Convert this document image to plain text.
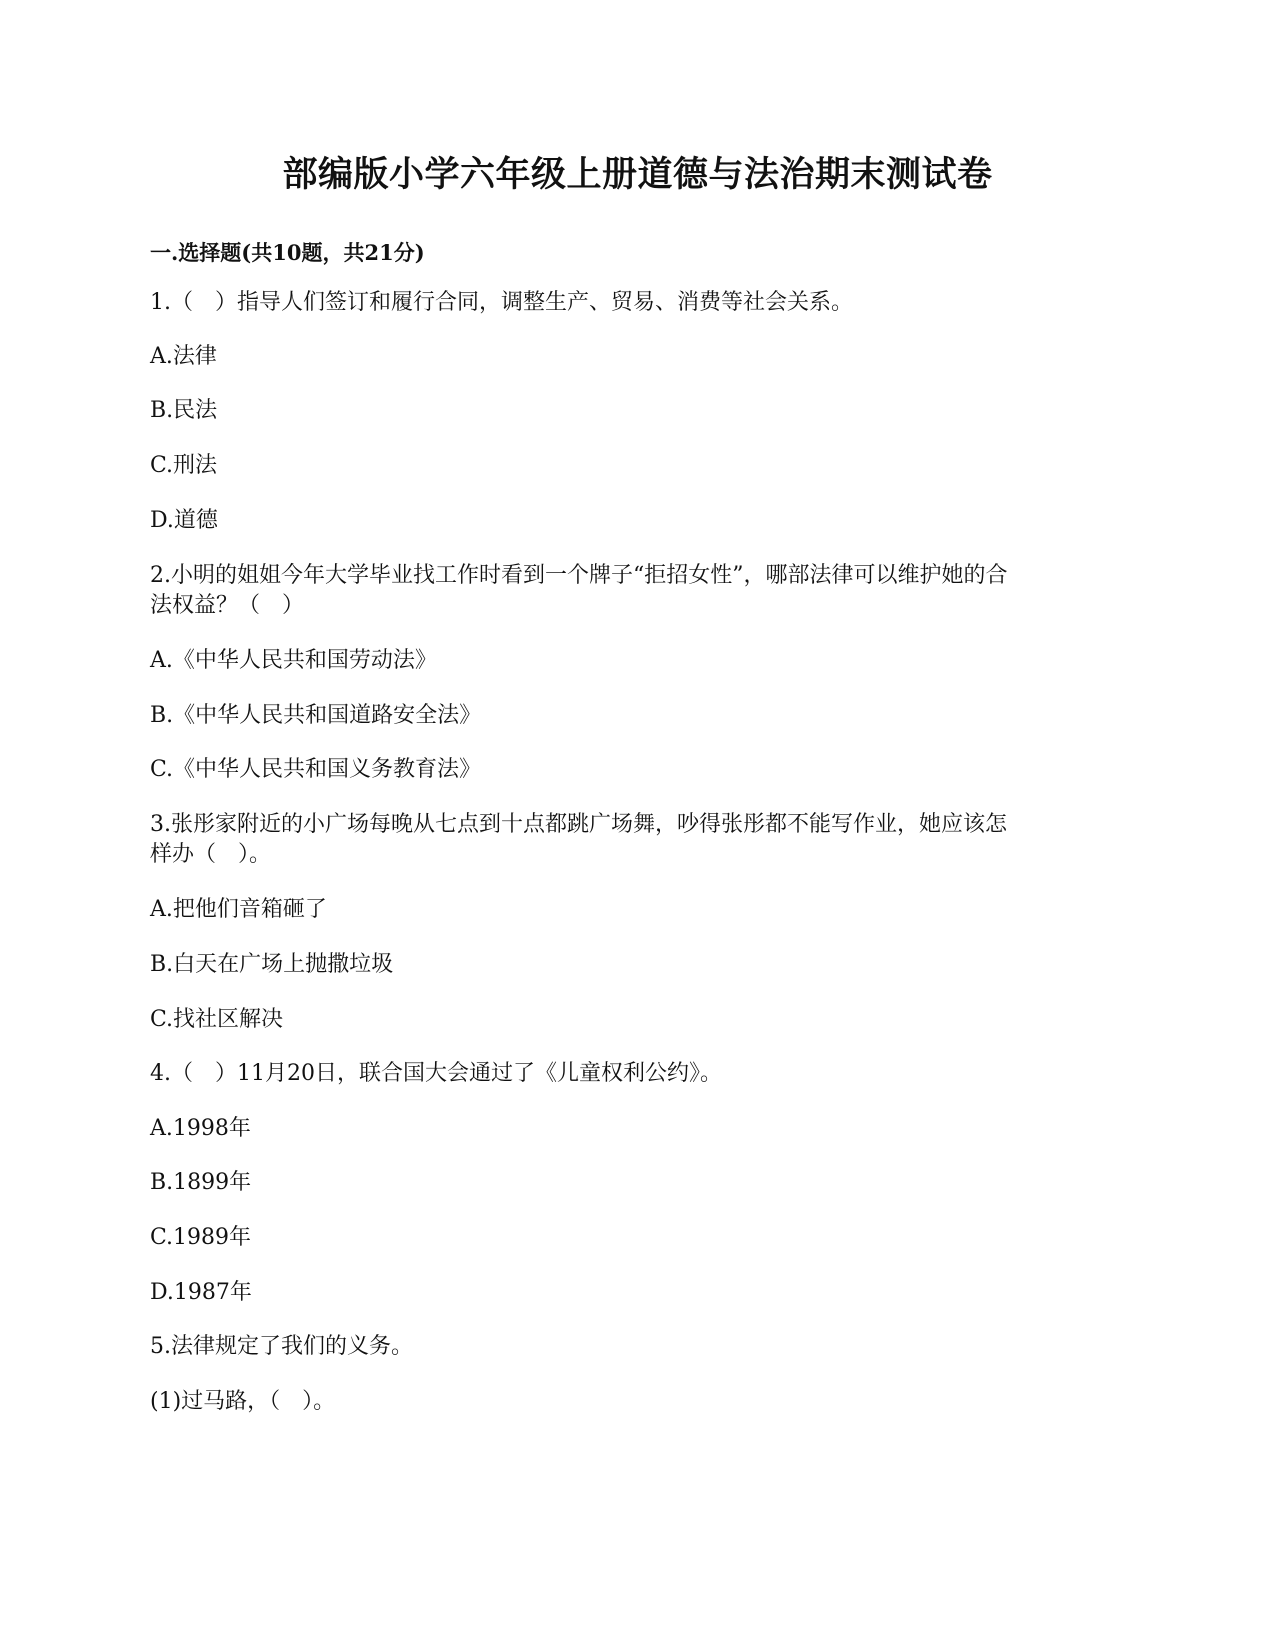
部编版小学六年级上册道德与法治期末测试卷
一.选择题(共10题，共21分)
1.（　）指导人们签订和履行合同，调整生产、贸易、消费等社会关系。
A.法律
B.民法
C.刑法
D.道德
2.小明的姐姐今年大学毕业找工作时看到一个牌子“拒招女性”，哪部法律可以维护她的合
法权益？（　）
A.《中华人民共和国劳动法》
B.《中华人民共和国道路安全法》
C.《中华人民共和国义务教育法》
3.张彤家附近的小广场每晚从七点到十点都跳广场舞，吵得张彤都不能写作业，她应该怎
样办（　）。
A.把他们音箱砸了
B.白天在广场上抛撒垃圾
C.找社区解决
4.（　）11月20日，联合国大会通过了《儿童权利公约》。
A.1998年
B.1899年
C.1989年
D.1987年
5.法律规定了我们的义务。
(1)过马路，（　）。
